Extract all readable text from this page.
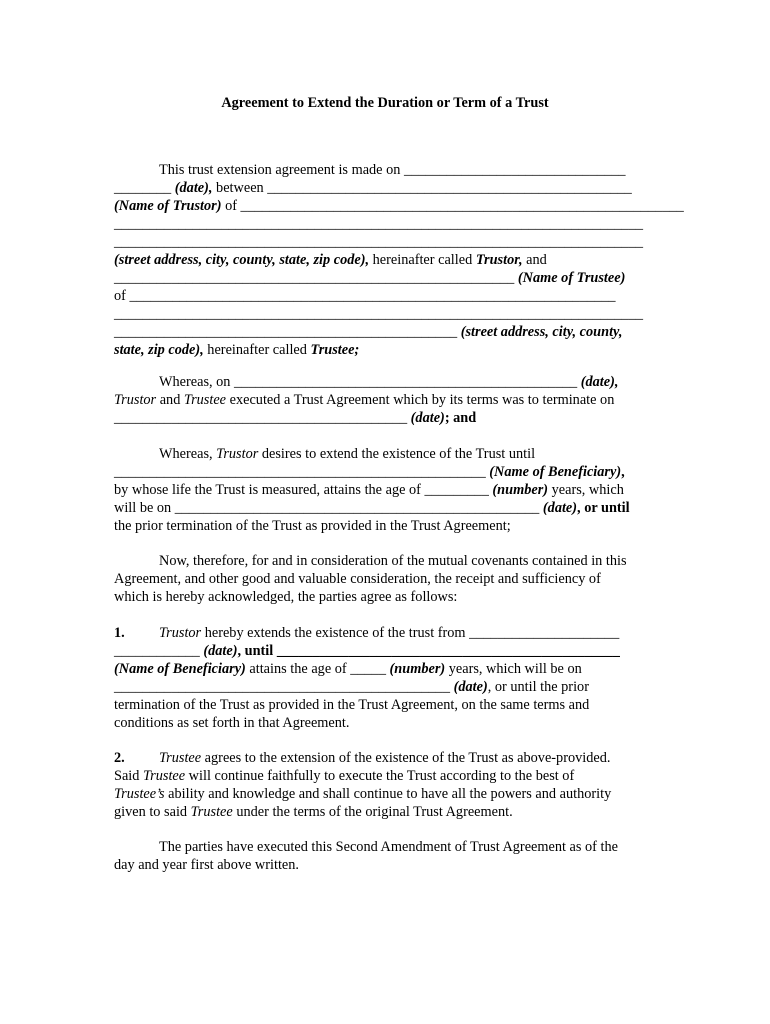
Agreement to Extend the Duration or Term of a Trust
This trust extension agreement is made on _______________________________
________ (date), between ___________________________________________________
(Name of Trustor) of ______________________________________________________________
__________________________________________________________________________
__________________________________________________________________________
(street address, city, county, state, zip code), hereinafter called Trustor, and
________________________________________________________ (Name of Trustee)
of ____________________________________________________________________
__________________________________________________________________________
________________________________________________ (street address, city, county,
state, zip code), hereinafter called Trustee;
Whereas, on ________________________________________________ (date),
Trustor and Trustee executed a Trust Agreement which by its terms was to terminate on
_________________________________________ (date); and
Whereas, Trustor desires to extend the existence of the Trust until
____________________________________________________ (Name of Beneficiary),
by whose life the Trust is measured, attains the age of _________ (number) years, which
will be on ___________________________________________________ (date), or until
the prior termination of the Trust as provided in the Trust Agreement;
Now, therefore, for and in consideration of the mutual covenants contained in this
Agreement, and other good and valuable consideration, the receipt and sufficiency of
which is hereby acknowledged, the parties agree as follows:
1. Trustor hereby extends the existence of the trust from _____________________
____________ (date), until ________________________________________________
(Name of Beneficiary) attains the age of _____ (number) years, which will be on
_______________________________________________ (date), or until the prior
termination of the Trust as provided in the Trust Agreement, on the same terms and
conditions as set forth in that Agreement.
2. Trustee agrees to the extension of the existence of the Trust as above-provided.
Said Trustee will continue faithfully to execute the Trust according to the best of
Trustee’s ability and knowledge and shall continue to have all the powers and authority
given to said Trustee under the terms of the original Trust Agreement.
The parties have executed this Second Amendment of Trust Agreement as of the
day and year first above written.
